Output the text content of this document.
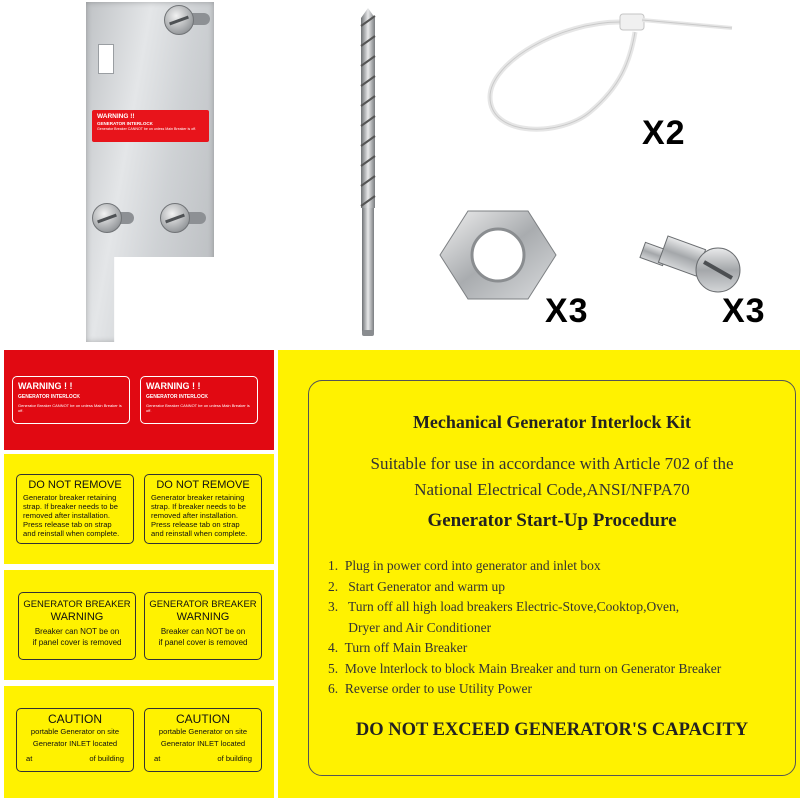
WARNING !!
GENERATOR INTERLOCK
Generator Breaker CANNOT be on unless Main Breaker is off.	X2
X3	X3
WARNING ! !
GENERATOR INTERLOCK
Generator Breaker CANNOT be on unless Main Breaker is off.
WARNING ! !
GENERATOR INTERLOCK
Generator Breaker CANNOT be on unless Main Breaker is off.
DO NOT REMOVE
Generator breaker retaining
strap. If breaker needs to be
removed after installation.
Press release tab on strap
and reinstall when complete.
DO NOT REMOVE
Generator breaker retaining
strap. If breaker needs to be
removed after installation.
Press release tab on strap
and reinstall when complete.
GENERATOR BREAKER
WARNING
Breaker can NOT be on
if panel cover is removed
GENERATOR BREAKER
WARNING
Breaker can NOT be on
if panel cover is removed
CAUTION
portable Generator on site
Generator INLET located
at	of building
CAUTION
portable Generator on site
Generator INLET located
at	of building
Mechanical Generator Interlock Kit
Suitable for use in accordance with Article 702 of the
National Electrical Code,ANSI/NFPA70
Generator Start-Up Procedure
1.  Plug in power cord into generator and inlet box
2.   Start Generator and warm up
3.   Turn off all high load breakers Electric-Stove,Cooktop,Oven,
Dryer and Air Conditioner
4.  Turn off Main Breaker
5.  Move lnterlock to block Main Breaker and turn on Generator Breaker
6.  Reverse order to use Utility Power
DO NOT EXCEED GENERATOR'S CAPACITY
